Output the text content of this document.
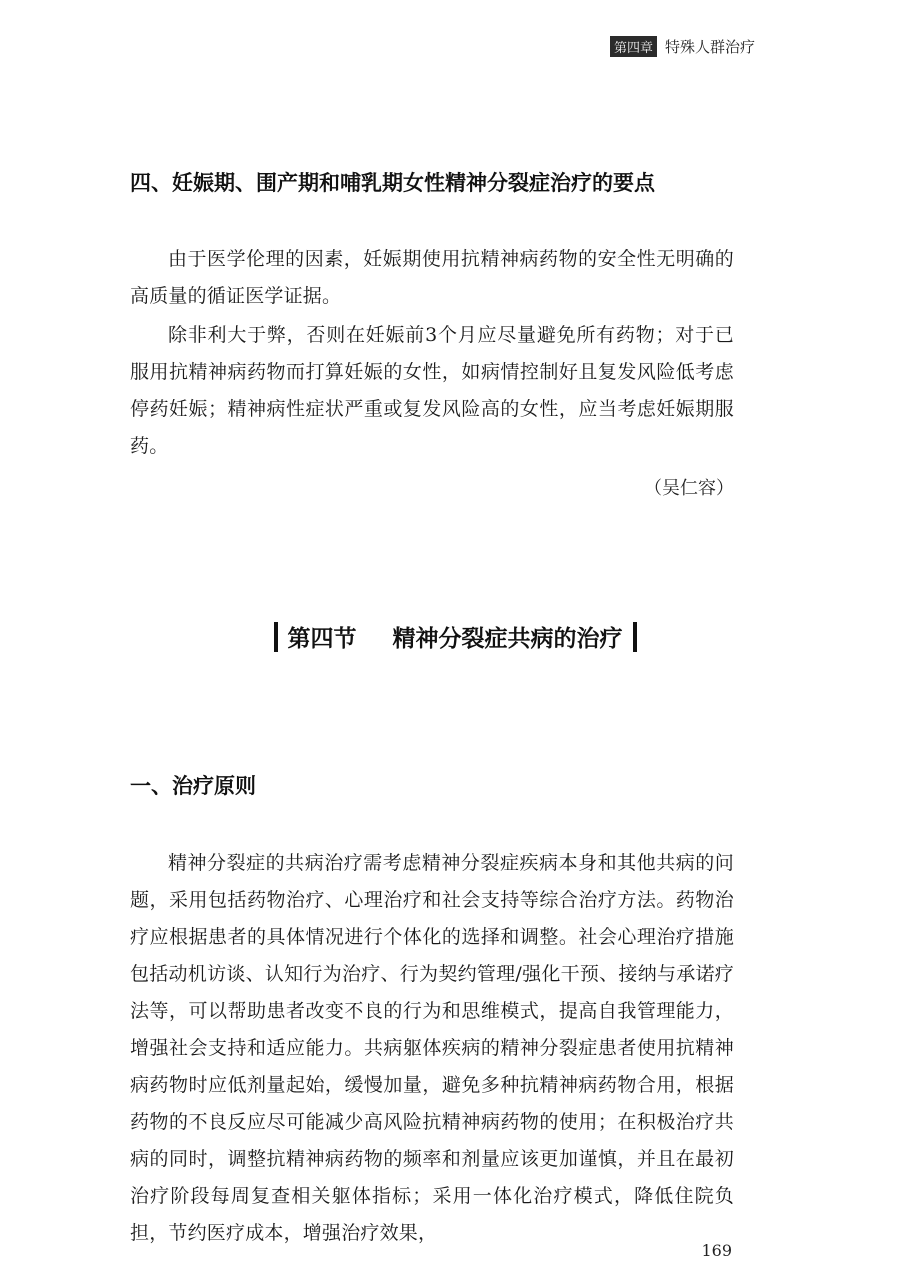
第四章 特殊人群治疗
四、妊娠期、围产期和哺乳期女性精神分裂症治疗的要点

由于医学伦理的因素，妊娠期使用抗精神病药物的安全性无明确的高质量的循证医学证据。

除非利大于弊，否则在妊娠前3个月应尽量避免所有药物；对于已服用抗精神病药物而打算妊娠的女性，如病情控制好且复发风险低考虑停药妊娠；精神病性症状严重或复发风险高的女性，应当考虑妊娠期服药。

（吴仁容）
第四节 精神分裂症共病的治疗
一、治疗原则

精神分裂症的共病治疗需考虑精神分裂症疾病本身和其他共病的问题，采用包括药物治疗、心理治疗和社会支持等综合治疗方法。药物治疗应根据患者的具体情况进行个体化的选择和调整。社会心理治疗措施包括动机访谈、认知行为治疗、行为契约管理/强化干预、接纳与承诺疗法等，可以帮助患者改变不良的行为和思维模式，提高自我管理能力，增强社会支持和适应能力。共病躯体疾病的精神分裂症患者使用抗精神病药物时应低剂量起始，缓慢加量，避免多种抗精神病药物合用，根据药物的不良反应尽可能减少高风险抗精神病药物的使用；在积极治疗共病的同时，调整抗精神病药物的频率和剂量应该更加谨慎，并且在最初治疗阶段每周复查相关躯体指标；采用一体化治疗模式，降低住院负担，节约医疗成本，增强治疗效果，

169
